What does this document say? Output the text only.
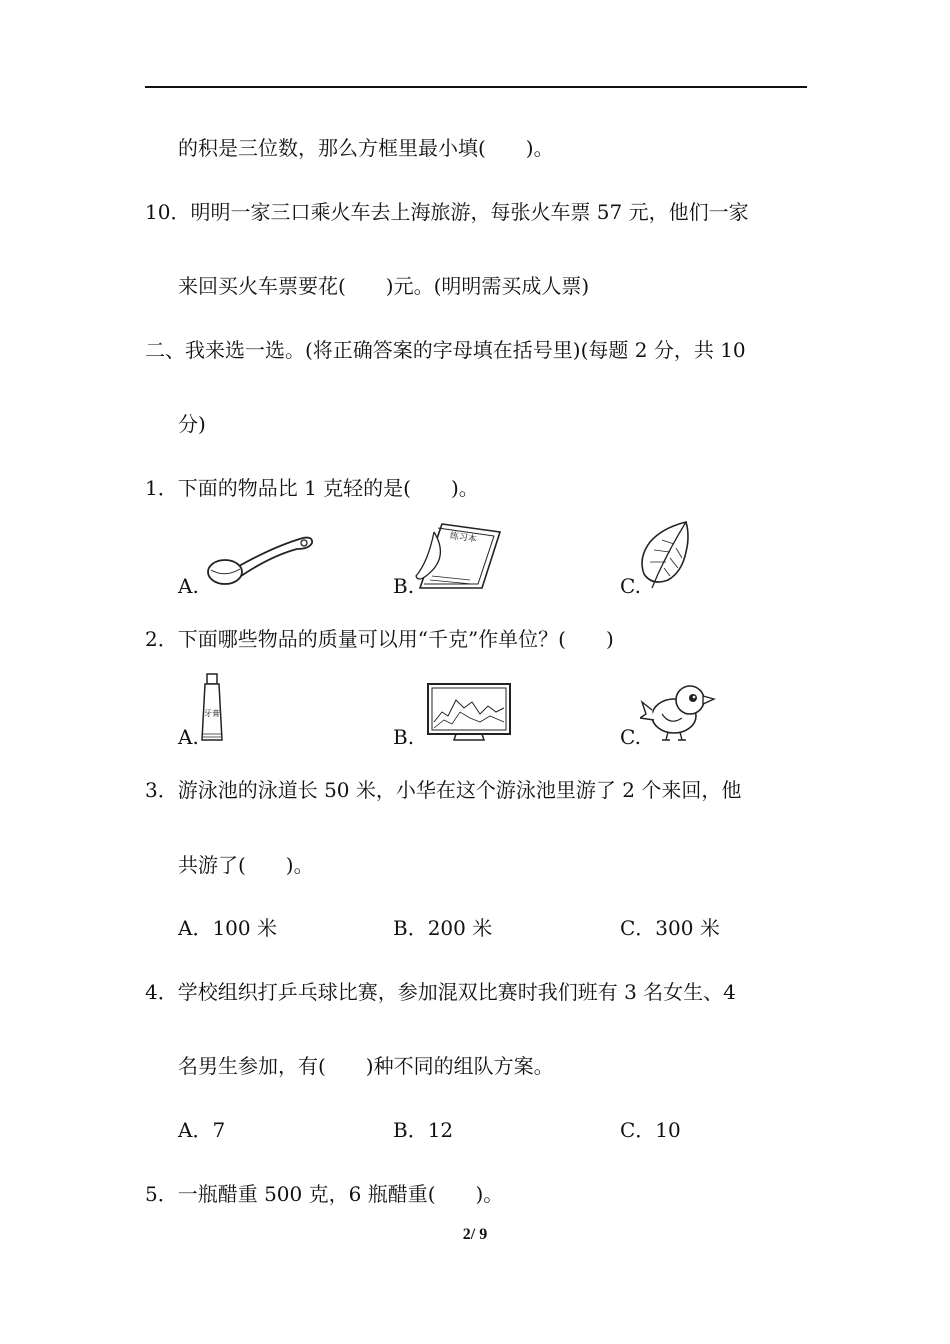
的积是三位数，那么方框里最小填(　　)。
10．明明一家三口乘火车去上海旅游，每张火车票 57 元，他们一家
来回买火车票要花(　　)元。(明明需买成人票)
二、我来选一选。(将正确答案的字母填在括号里)(每题 2 分，共 10
分)
1．下面的物品比 1 克轻的是(　　)。
A.	B.
练习本
C.
2．下面哪些物品的质量可以用“千克”作单位？(　　)
A.
牙膏
B.	C.
3．游泳池的泳道长 50 米，小华在这个游泳池里游了 2 个来回，他
共游了(　　)。
A．100 米	B．200 米	C．300 米
4．学校组织打乒乓球比赛，参加混双比赛时我们班有 3 名女生、4
名男生参加，有(　　)种不同的组队方案。
A．7	B．12	C．10
5．一瓶醋重 500 克，6 瓶醋重(　　)。
2/ 9
